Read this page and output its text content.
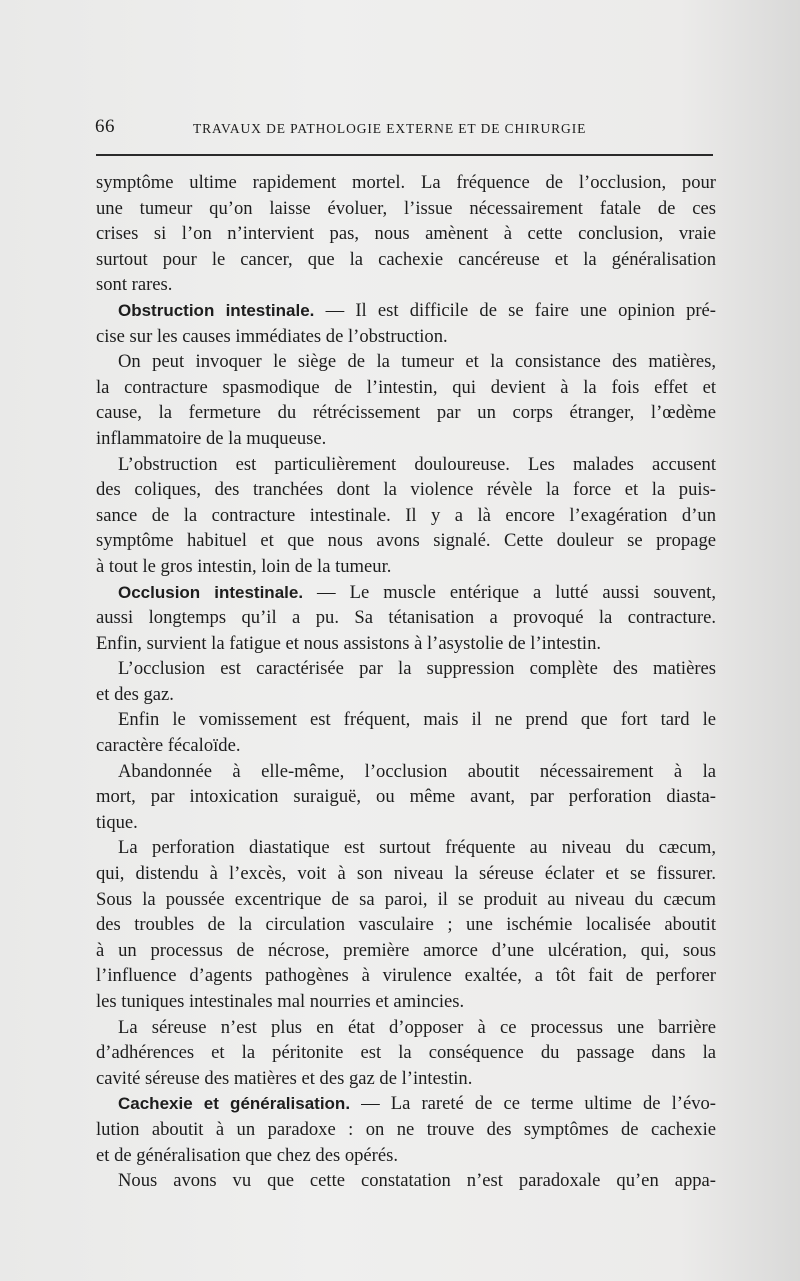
66	TRAVAUX DE PATHOLOGIE EXTERNE ET DE CHIRURGIE
symptôme ultime rapidement mortel. La fréquence de l’occlusion, pour
une tumeur qu’on laisse évoluer, l’issue nécessairement fatale de ces
crises si l’on n’intervient pas, nous amènent à cette conclusion, vraie
surtout pour le cancer, que la cachexie cancéreuse et la généralisation
sont rares.
Obstruction intestinale. — Il est difficile de se faire une opinion pré-
cise sur les causes immédiates de l’obstruction.
On peut invoquer le siège de la tumeur et la consistance des matières,
la contracture spasmodique de l’intestin, qui devient à la fois effet et
cause, la fermeture du rétrécissement par un corps étranger, l’œdème
inflammatoire de la muqueuse.
L’obstruction est particulièrement douloureuse. Les malades accusent
des coliques, des tranchées dont la violence révèle la force et la puis-
sance de la contracture intestinale. Il y a là encore l’exagération d’un
symptôme habituel et que nous avons signalé. Cette douleur se propage
à tout le gros intestin, loin de la tumeur.
Occlusion intestinale. — Le muscle entérique a lutté aussi souvent,
aussi longtemps qu’il a pu. Sa tétanisation a provoqué la contracture.
Enfin, survient la fatigue et nous assistons à l’asystolie de l’intestin.
L’occlusion est caractérisée par la suppression complète des matières
et des gaz.
Enfin le vomissement est fréquent, mais il ne prend que fort tard le
caractère fécaloïde.
Abandonnée à elle-même, l’occlusion aboutit nécessairement à la
mort, par intoxication suraiguë, ou même avant, par perforation diasta-
tique.
La perforation diastatique est surtout fréquente au niveau du cæcum,
qui, distendu à l’excès, voit à son niveau la séreuse éclater et se fissurer.
Sous la poussée excentrique de sa paroi, il se produit au niveau du cæcum
des troubles de la circulation vasculaire ; une ischémie localisée aboutit
à un processus de nécrose, première amorce d’une ulcération, qui, sous
l’influence d’agents pathogènes à virulence exaltée, a tôt fait de perforer
les tuniques intestinales mal nourries et amincies.
La séreuse n’est plus en état d’opposer à ce processus une barrière
d’adhérences et la péritonite est la conséquence du passage dans la
cavité séreuse des matières et des gaz de l’intestin.
Cachexie et généralisation. — La rareté de ce terme ultime de l’évo-
lution aboutit à un paradoxe : on ne trouve des symptômes de cachexie
et de généralisation que chez des opérés.
Nous avons vu que cette constatation n’est paradoxale qu’en appa-
